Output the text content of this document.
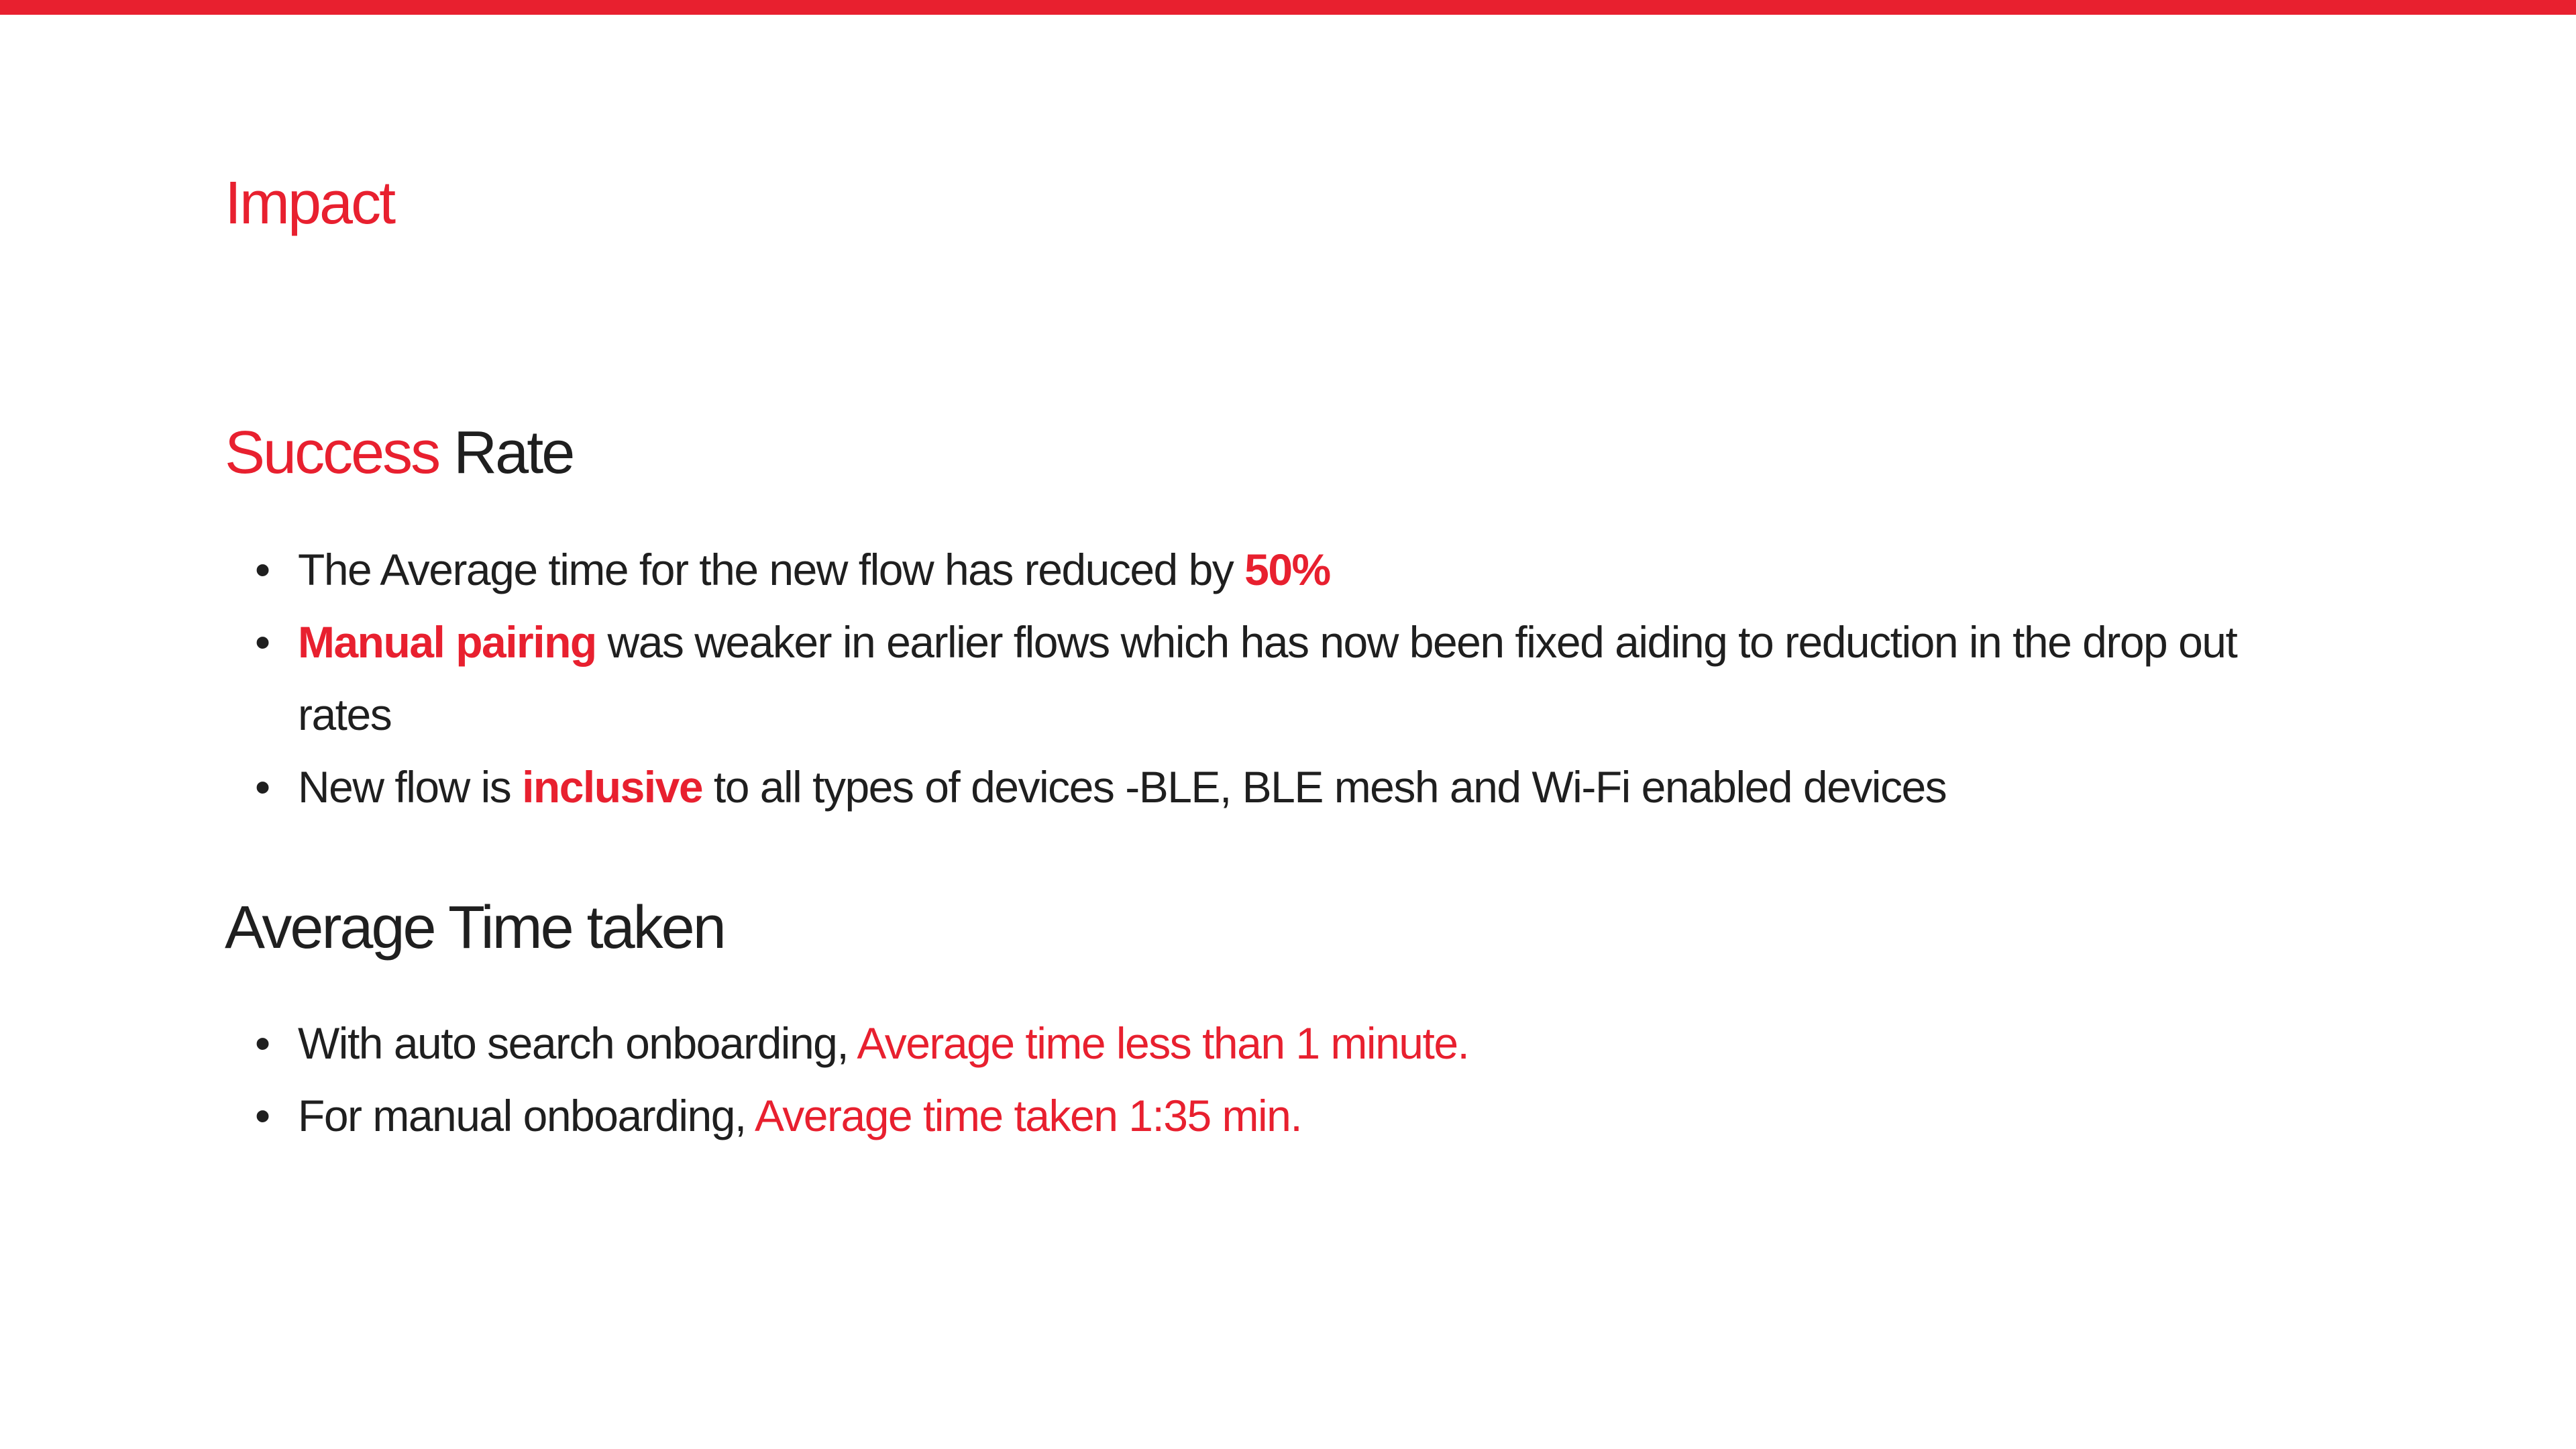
Impact
Success Rate
• The Average time for the new flow has reduced by 50%
• Manual pairing was weaker in earlier flows which has now been fixed aiding to reduction in the drop out rates
• New flow is inclusive to all types of devices -BLE, BLE mesh and Wi-Fi enabled devices
Average Time taken
• With auto search onboarding, Average time less than 1 minute.
• For manual onboarding, Average time taken 1:35 min.
